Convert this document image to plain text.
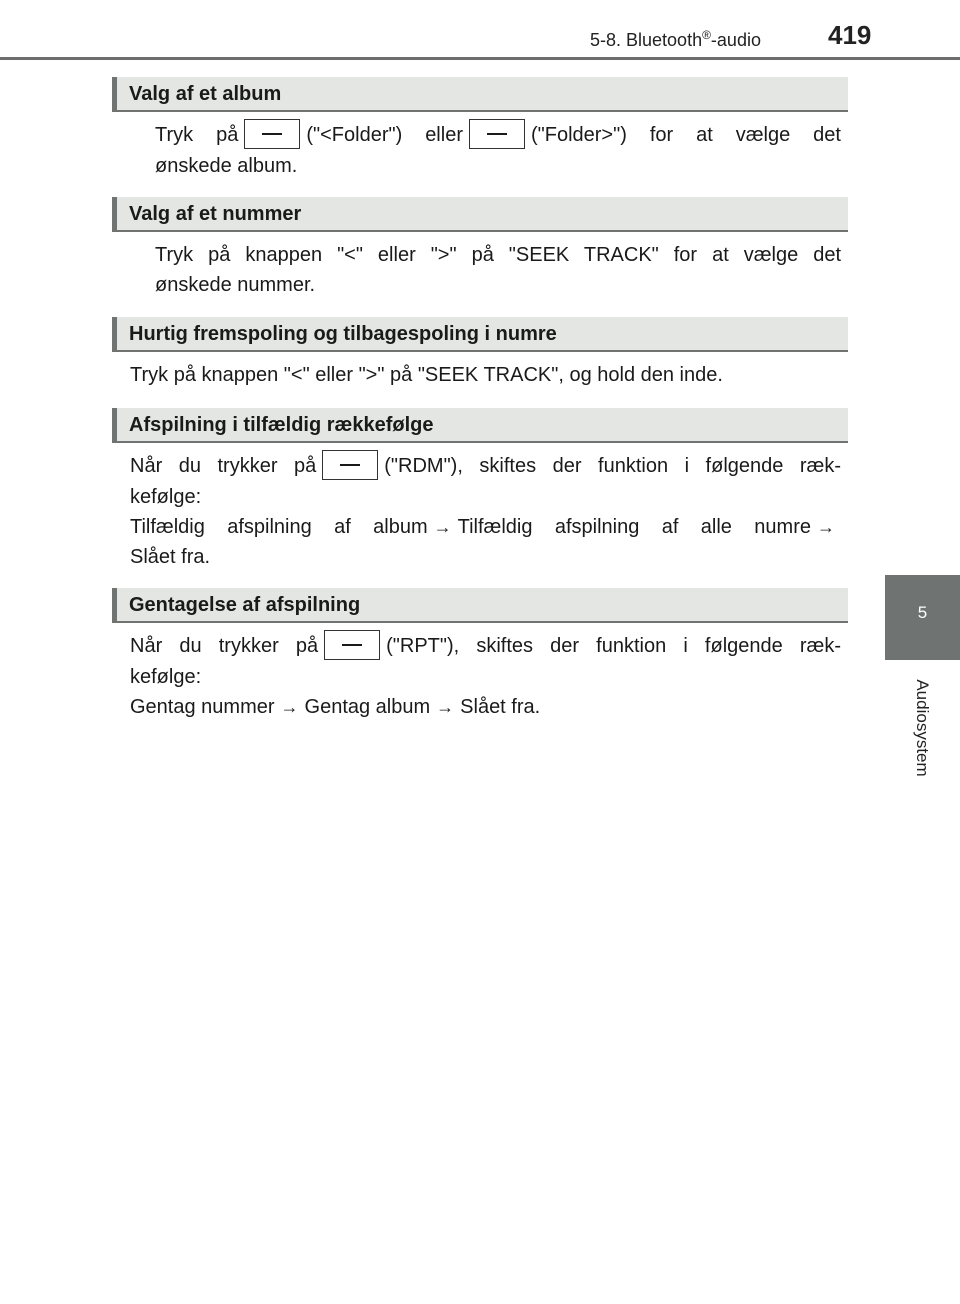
5-8. Bluetooth®-audio	419
5
Audiosystem
Valg af et album
Tryk på	("<Folder") eller	("Folder>") for at vælge det
ønskede album.
Valg af et nummer
Tryk på knappen "<" eller ">" på "SEEK TRACK" for at vælge det
ønskede nummer.
Hurtig fremspoling og tilbagespoling i numre
Tryk på knappen "<" eller ">" på "SEEK TRACK", og hold den inde.
Afspilning i tilfældig rækkefølge
Når du trykker på	("RDM"), skiftes der funktion i følgende ræk-
kefølge:
Tilfældig afspilning af album → Tilfældig afspilning af alle numre →
Slået fra.
Gentagelse af afspilning
Når du trykker på	("RPT"), skiftes der funktion i følgende ræk-
kefølge:
Gentag nummer → Gentag album → Slået fra.
